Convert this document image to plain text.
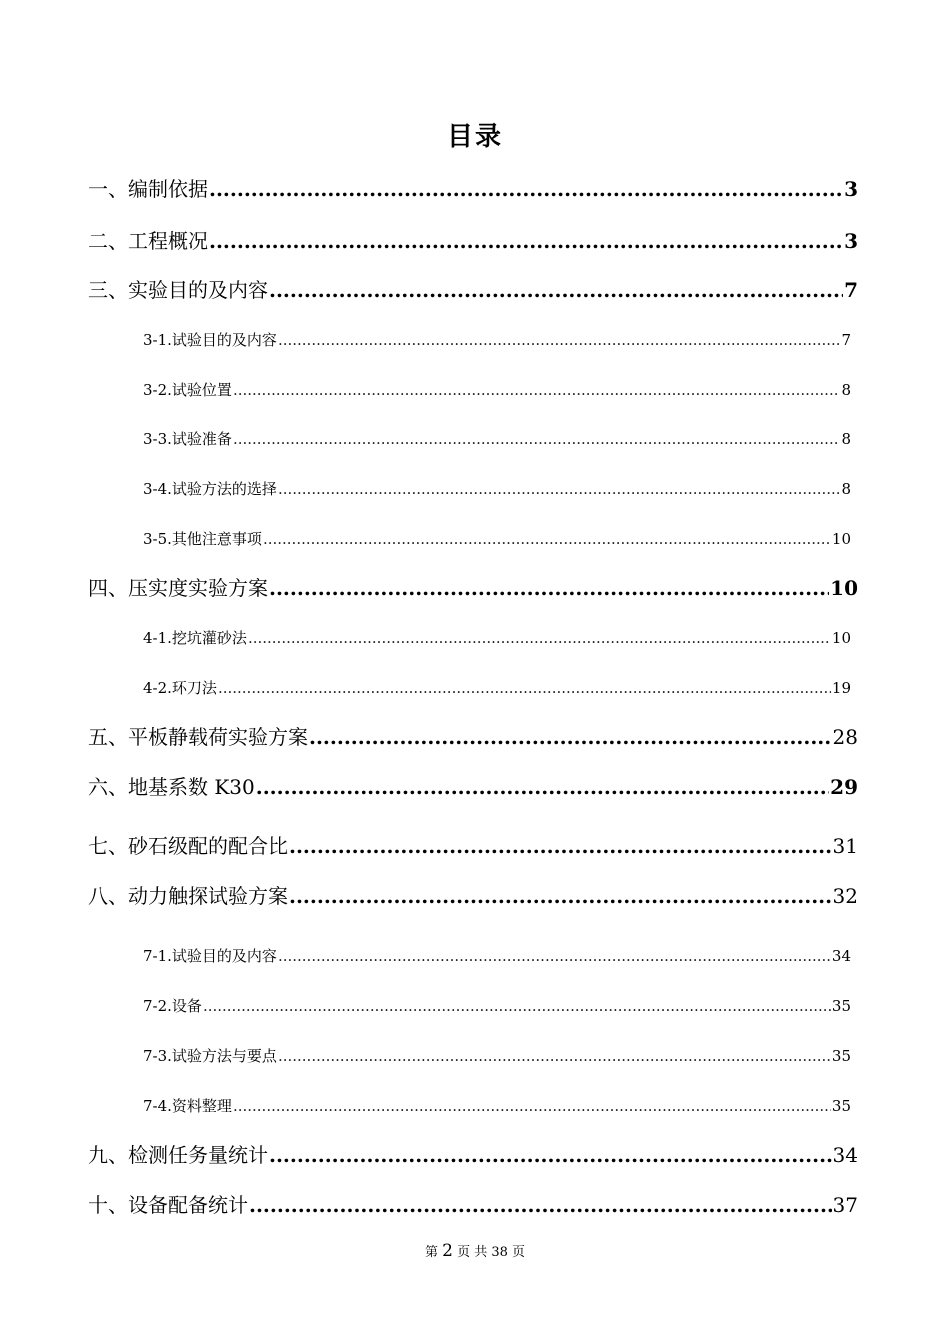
目录
一、编制依据 .....	3
二、工程概况 .....	3
三、实验目的及内容 .....	7
3-1.试验目的及内容 .....	7
3-2.试验位置 .....	8
3-3.试验准备 .....	8
3-4.试验方法的选择 .....	8
3-5.其他注意事项 .....	10
四、压实度实验方案 .....	10
4-1.挖坑灌砂法 .....	10
4-2.环刀法 .....	19
五、平板静载荷实验方案 .....	28
六、地基系数 K30 .....	29
七、砂石级配的配合比 .....	31
八、动力触探试验方案 .....	32
7-1.试验目的及内容 .....	34
7-2.设备 .....	35
7-3.试验方法与要点 .....	35
7-4.资料整理 .....	35
九、检测任务量统计 .....	34
十、设备配备统计 .....	37
第 2 页 共 38 页
